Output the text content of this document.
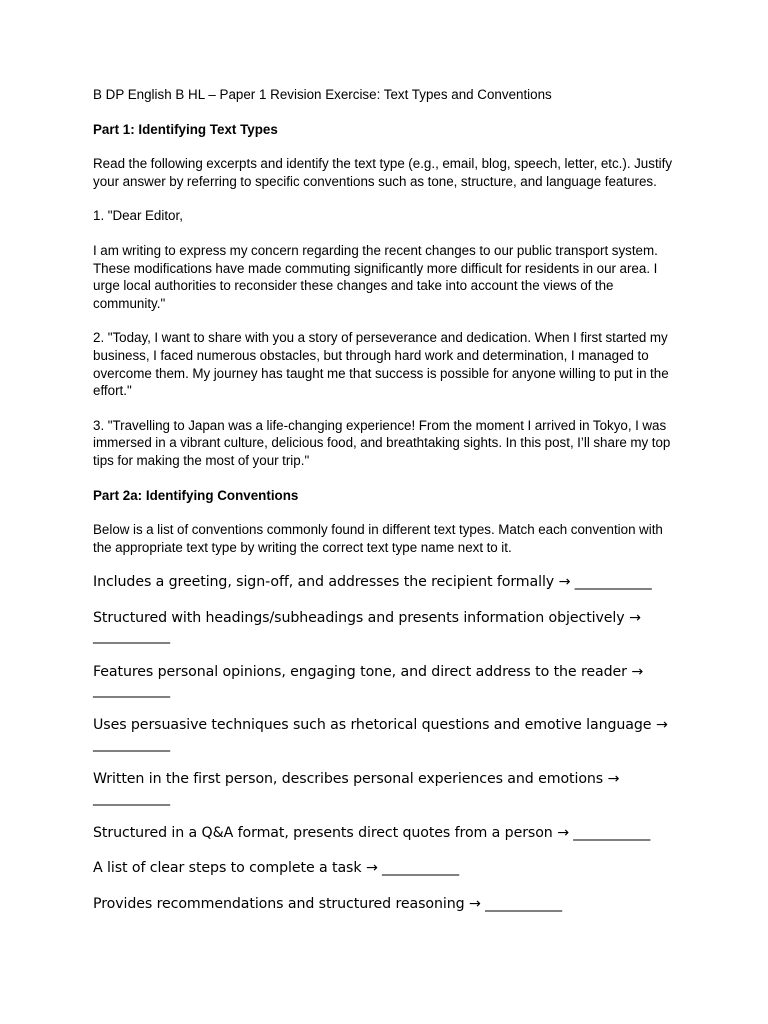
B DP English B HL – Paper 1 Revision Exercise: Text Types and Conventions

Part 1: Identifying Text Types

Read the following excerpts and identify the text type (e.g., email, blog, speech, letter, etc.). Justify your answer by referring to specific conventions such as tone, structure, and language features.

1. "Dear Editor,

I am writing to express my concern regarding the recent changes to our public transport system. These modifications have made commuting significantly more difficult for residents in our area. I urge local authorities to reconsider these changes and take into account the views of the community."

2. "Today, I want to share with you a story of perseverance and dedication. When I first started my business, I faced numerous obstacles, but through hard work and determination, I managed to overcome them. My journey has taught me that success is possible for anyone willing to put in the effort."

3. "Travelling to Japan was a life-changing experience! From the moment I arrived in Tokyo, I was immersed in a vibrant culture, delicious food, and breathtaking sights. In this post, I’ll share my top tips for making the most of your trip."

Part 2a: Identifying Conventions

Below is a list of conventions commonly found in different text types. Match each convention with the appropriate text type by writing the correct text type name next to it.

Includes a greeting, sign-off, and addresses the recipient formally → ___________

Structured with headings/subheadings and presents information objectively → ___________

Features personal opinions, engaging tone, and direct address to the reader → ___________

Uses persuasive techniques such as rhetorical questions and emotive language → ___________

Written in the first person, describes personal experiences and emotions → ___________

Structured in a Q&A format, presents direct quotes from a person → ___________

A list of clear steps to complete a task → ___________

Provides recommendations and structured reasoning → ___________
